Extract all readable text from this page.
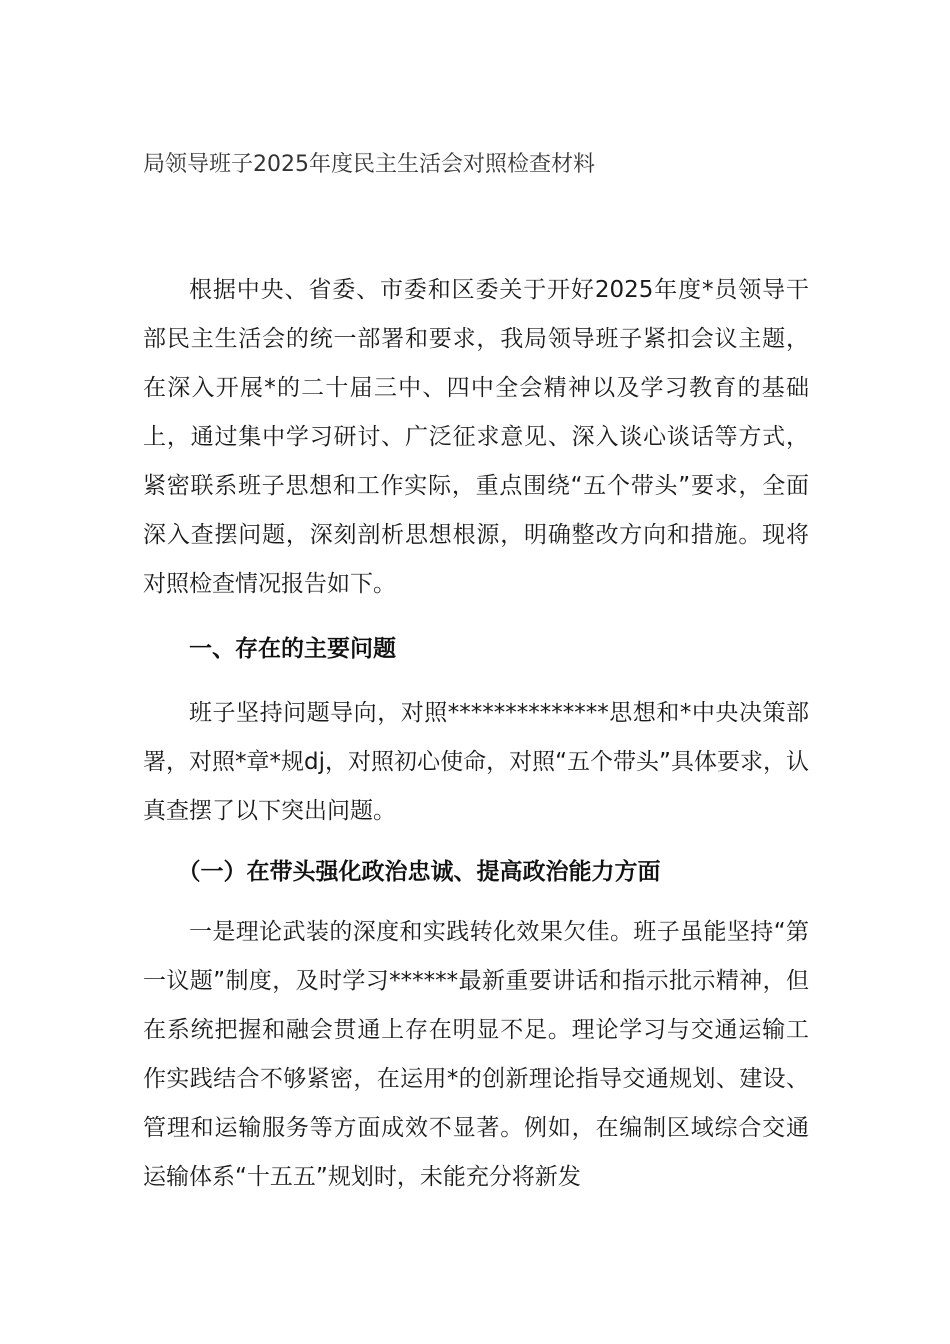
局领导班子2025年度民主生活会对照检查材料

根据中央、省委、市委和区委关于开好2025年度*员领导干部民主生活会的统一部署和要求，我局领导班子紧扣会议主题，在深入开展*的二十届三中、四中全会精神以及学习教育的基础上，通过集中学习研讨、广泛征求意见、深入谈心谈话等方式，紧密联系班子思想和工作实际，重点围绕“五个带头”要求，全面深入查摆问题，深刻剖析思想根源，明确整改方向和措施。现将对照检查情况报告如下。

一、存在的主要问题

班子坚持问题导向，对照**************思想和*中央决策部署，对照*章*规dj，对照初心使命，对照“五个带头”具体要求，认真查摆了以下突出问题。

（一）在带头强化政治忠诚、提高政治能力方面

一是理论武装的深度和实践转化效果欠佳。班子虽能坚持“第一议题”制度，及时学习******最新重要讲话和指示批示精神，但在系统把握和融会贯通上存在明显不足。理论学习与交通运输工作实践结合不够紧密，在运用*的创新理论指导交通规划、建设、管理和运输服务等方面成效不显著。例如，在编制区域综合交通运输体系“十五五”规划时，未能充分将新发
